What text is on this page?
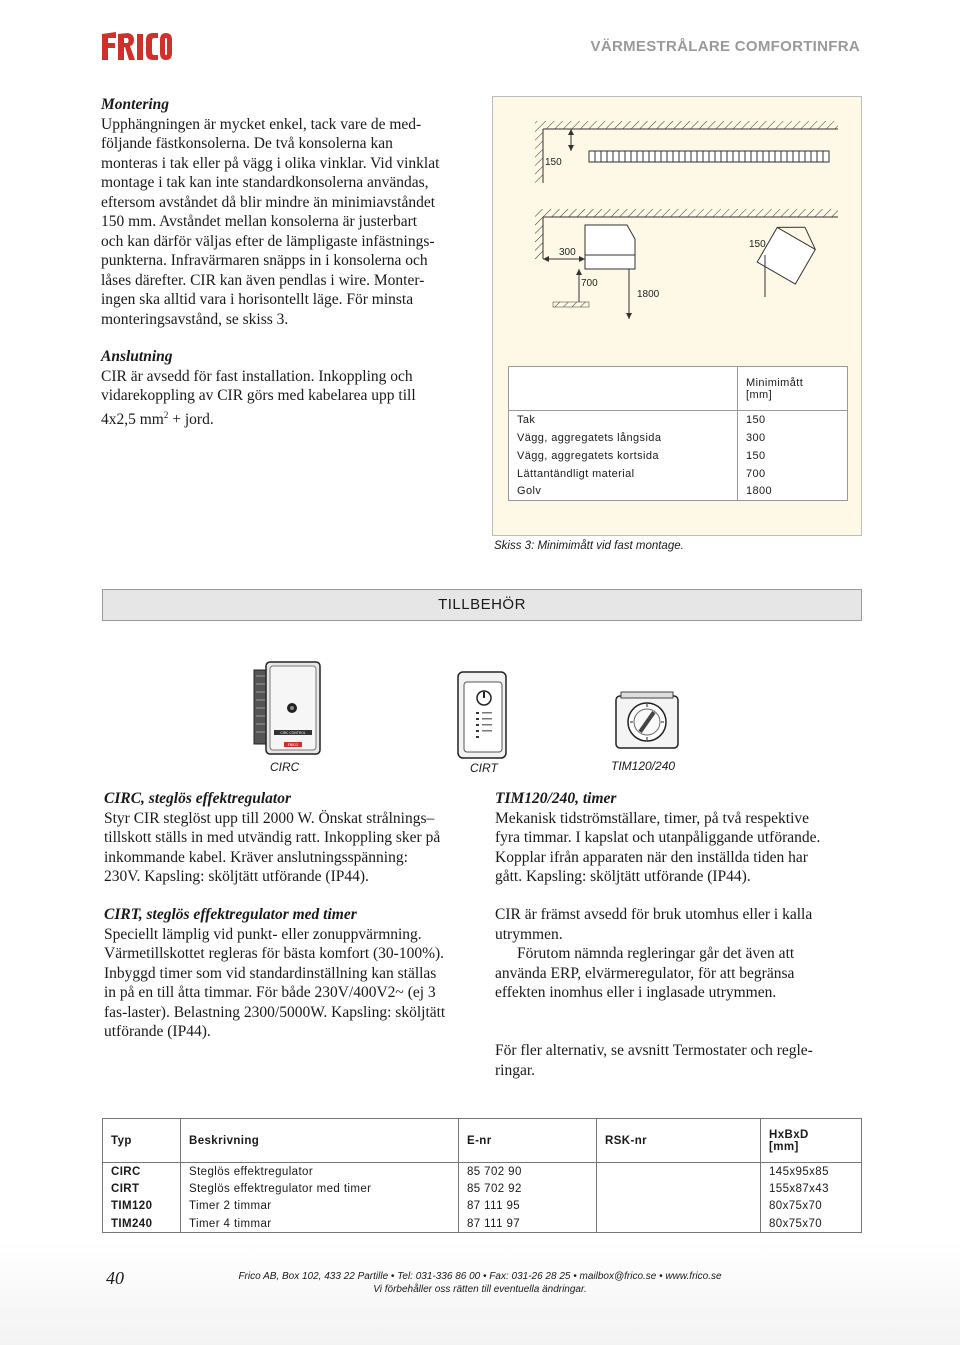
VÄRMESTRÅLARE COMFORTINFRA
Montering

Upphängningen är mycket enkel, tack vare de med-

följande fästkonsolerna. De två konsolerna kan

monteras i tak eller på vägg i olika vinklar. Vid vinklat

montage i tak kan inte standardkonsolerna användas,

eftersom avståndet då blir mindre än minimiavståndet

150 mm. Avståndet mellan konsolerna är justerbart

och kan därför väljas efter de lämpligaste infästnings-

punkterna. Infravärmaren snäpps in i konsolerna och

låses därefter. CIR kan även pendlas i wire. Monter-

ingen ska alltid vara i horisontellt läge. För minsta

monteringsavstånd, se skiss 3.

Anslutning

CIR är avsedd för fast installation. Inkoppling och

vidarekoppling av CIR görs med kabelarea upp till

4x2,5 $mm^2$ + jord.

150
300
1800
700
150

	Minimimått
[mm]

Tak	150
Vägg, aggregatets långsida	300
Vägg, aggregatets kortsida	150
Lättantändligt material	700
Golv	1800
Skiss 3: Minimimått vid fast montage.
TILLBEHÖR
CIRC CONTROL
FRICO
CIRC	CIRT	TIM120/240
CIRC, steglös effektregulator

Styr CIR steglöst upp till 2000 W. Önskat strålnings–

tillskott ställs in med utvändig ratt. Inkoppling sker på

inkommande kabel. Kräver anslutningsspänning:

230V. Kapsling: sköljtätt utförande (IP44).

CIRT, steglös effektregulator med timer

Speciellt lämplig vid punkt- eller zonuppvärmning.

Värmetillskottet regleras för bästa komfort (30-100%).

Inbyggd timer som vid standardinställning kan ställas

in på en till åtta timmar. För både 230V/400V2~ (ej 3

fas-laster). Belastning 2300/5000W. Kapsling: sköljtätt

utförande (IP44).

TIM120/240, timer

Mekanisk tidströmställare, timer, på två respektive

fyra timmar. I kapslat och utanpåliggande utförande.

Kopplar ifrån apparaten när den inställda tiden har

gått. Kapsling: sköljtätt utförande (IP44).

CIR är främst avsedd för bruk utomhus eller i kalla

utrymmen.

Förutom nämnda regleringar går det även att

använda ERP, elvärmeregulator, för att begränsa

effekten inomhus eller i inglasade utrymmen.

För fler alternativ, se avsnitt Termostater och regle-

ringar.

Typ	Beskrivning	E-nr	RSK-nr	HxBxD
[mm]

CIRC	Steglös effektregulator	85 702 90		145x95x85
CIRT	Steglös effektregulator med timer	85 702 92		155x87x43
TIM120	Timer 2 timmar	87 111 95		80x75x70
TIM240	Timer 4 timmar	87 111 97		80x75x70
40	Frico AB, Box 102, 433 22 Partille • Tel: 031-336 86 00 • Fax: 031-26 28 25 • mailbox@frico.se • www.frico.se
Vi förbehåller oss rätten till eventuella ändringar.
